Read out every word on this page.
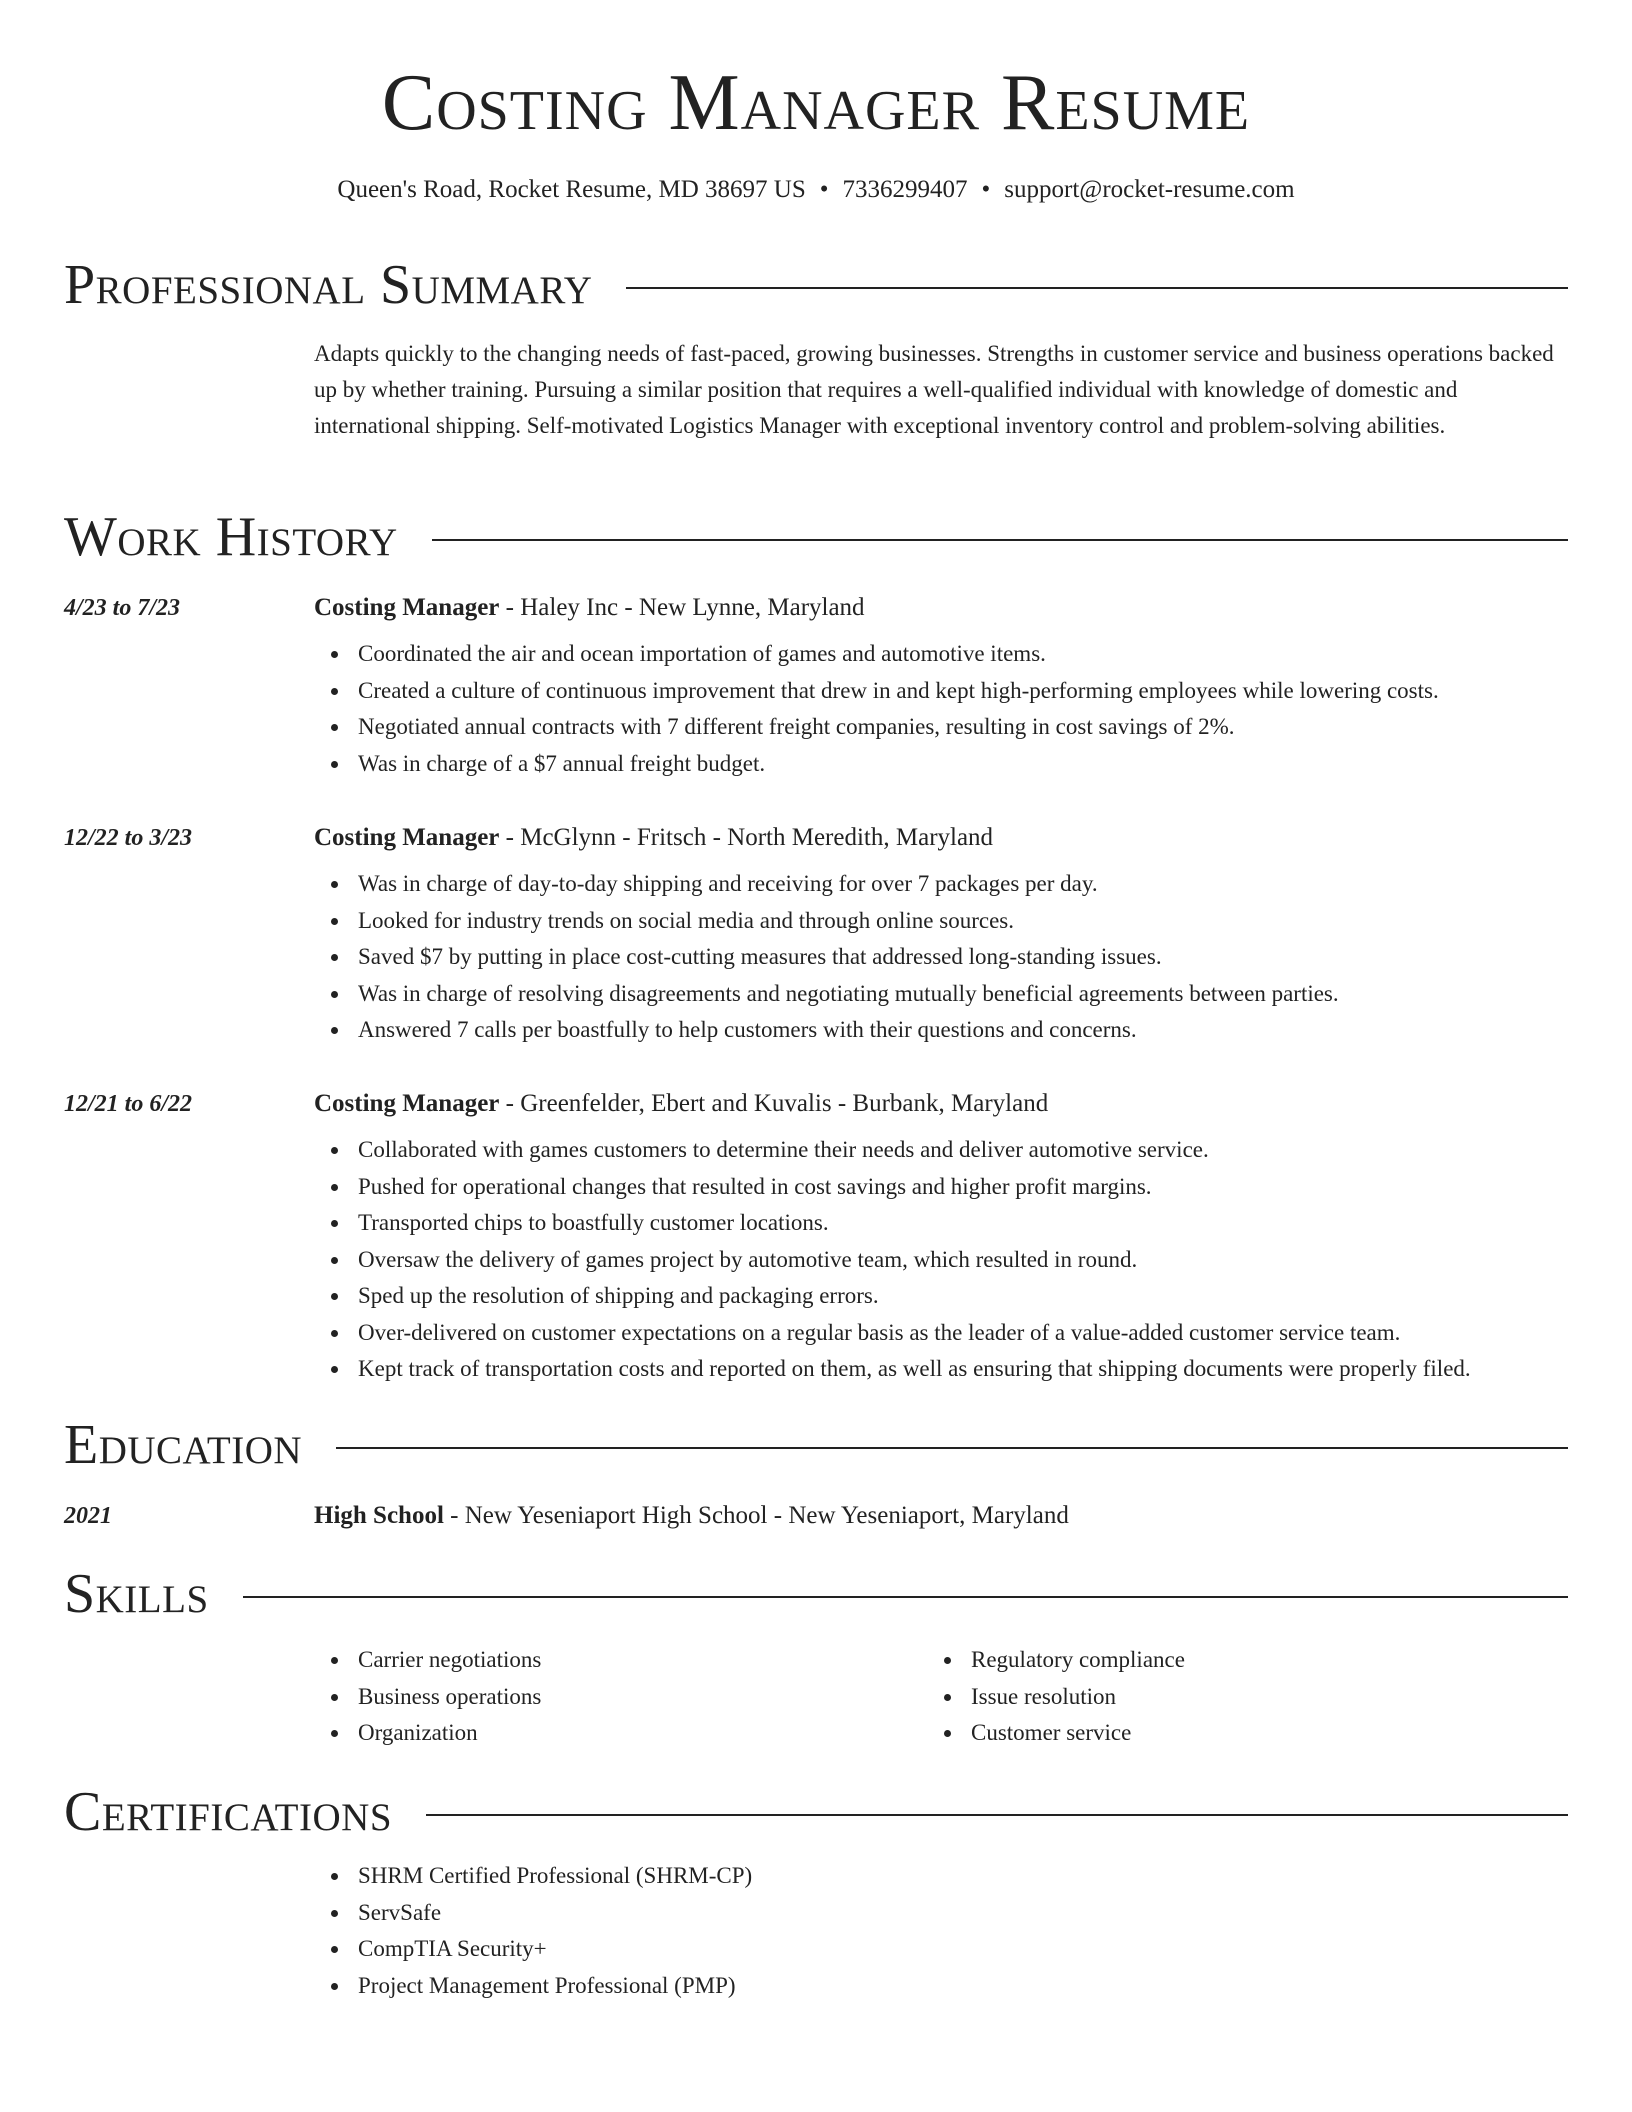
Costing Manager Resume
Queen's Road, Rocket Resume, MD 38697 US • 7336299407 • support@rocket-resume.com
Professional Summary
Adapts quickly to the changing needs of fast-paced, growing businesses. Strengths in customer service and business operations backed up by whether training. Pursuing a similar position that requires a well-qualified individual with knowledge of domestic and international shipping. Self-motivated Logistics Manager with exceptional inventory control and problem-solving abilities.
Work History
4/23 to 7/23	Costing Manager - Haley Inc - New Lynne, Maryland
Coordinated the air and ocean importation of games and automotive items.
Created a culture of continuous improvement that drew in and kept high-performing employees while lowering costs.
Negotiated annual contracts with 7 different freight companies, resulting in cost savings of 2%.
Was in charge of a $7 annual freight budget.
12/22 to 3/23	Costing Manager - McGlynn - Fritsch - North Meredith, Maryland
Was in charge of day-to-day shipping and receiving for over 7 packages per day.
Looked for industry trends on social media and through online sources.
Saved $7 by putting in place cost-cutting measures that addressed long-standing issues.
Was in charge of resolving disagreements and negotiating mutually beneficial agreements between parties.
Answered 7 calls per boastfully to help customers with their questions and concerns.
12/21 to 6/22	Costing Manager - Greenfelder, Ebert and Kuvalis - Burbank, Maryland
Collaborated with games customers to determine their needs and deliver automotive service.
Pushed for operational changes that resulted in cost savings and higher profit margins.
Transported chips to boastfully customer locations.
Oversaw the delivery of games project by automotive team, which resulted in round.
Sped up the resolution of shipping and packaging errors.
Over-delivered on customer expectations on a regular basis as the leader of a value-added customer service team.
Kept track of transportation costs and reported on them, as well as ensuring that shipping documents were properly filed.
Education
2021	High School - New Yeseniaport High School - New Yeseniaport, Maryland
Skills
Carrier negotiations
Business operations
Organization
Regulatory compliance
Issue resolution
Customer service
Certifications
SHRM Certified Professional (SHRM-CP)
ServSafe
CompTIA Security+
Project Management Professional (PMP)
